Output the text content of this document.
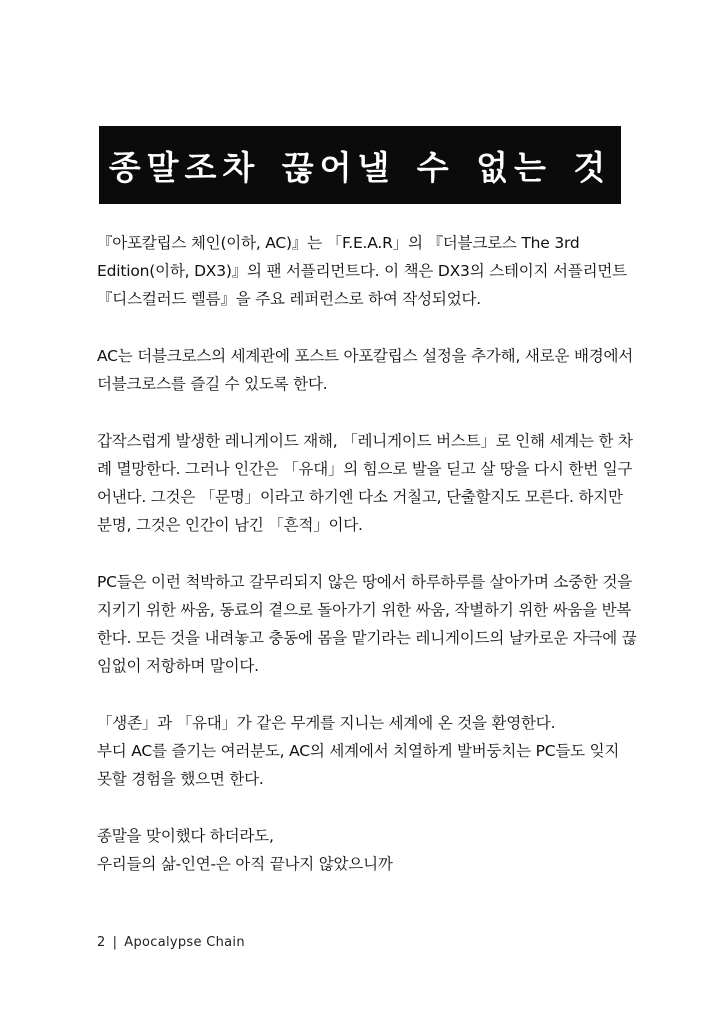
종말조차 끊어낼 수 없는 것

『아포칼립스 체인(이하, AC)』는 「F.E.A.R」의 『더블크로스 The 3rd Edition(이하, DX3)』의 팬 서플리먼트다. 이 책은 DX3의 스테이지 서플리먼트 『디스컬러드 렐름』을 주요 레퍼런스로 하여 작성되었다.

AC는 더블크로스의 세계관에 포스트 아포칼립스 설정을 추가해, 새로운 배경에서 더블크로스를 즐길 수 있도록 한다.

갑작스럽게 발생한 레니게이드 재해, 「레니게이드 버스트」로 인해 세계는 한 차례 멸망한다. 그러나 인간은 「유대」의 힘으로 발을 딛고 살 땅을 다시 한번 일구어낸다. 그것은 「문명」이라고 하기엔 다소 거칠고, 단출할지도 모른다. 하지만 분명, 그것은 인간이 남긴 「흔적」이다.

PC들은 이런 척박하고 갈무리되지 않은 땅에서 하루하루를 살아가며 소중한 것을 지키기 위한 싸움, 동료의 곁으로 돌아가기 위한 싸움, 작별하기 위한 싸움을 반복한다. 모든 것을 내려놓고 충동에 몸을 맡기라는 레니게이드의 날카로운 자극에 끊임없이 저항하며 말이다.

「생존」과 「유대」가 같은 무게를 지니는 세계에 온 것을 환영한다.

부디 AC를 즐기는 여러분도, AC의 세계에서 치열하게 발버둥치는 PC들도 잊지 못할 경험을 했으면 한다.

종말을 맞이했다 하더라도,

우리들의 삶-인연-은 아직 끝나지 않았으니까

2 | Apocalypse Chain
